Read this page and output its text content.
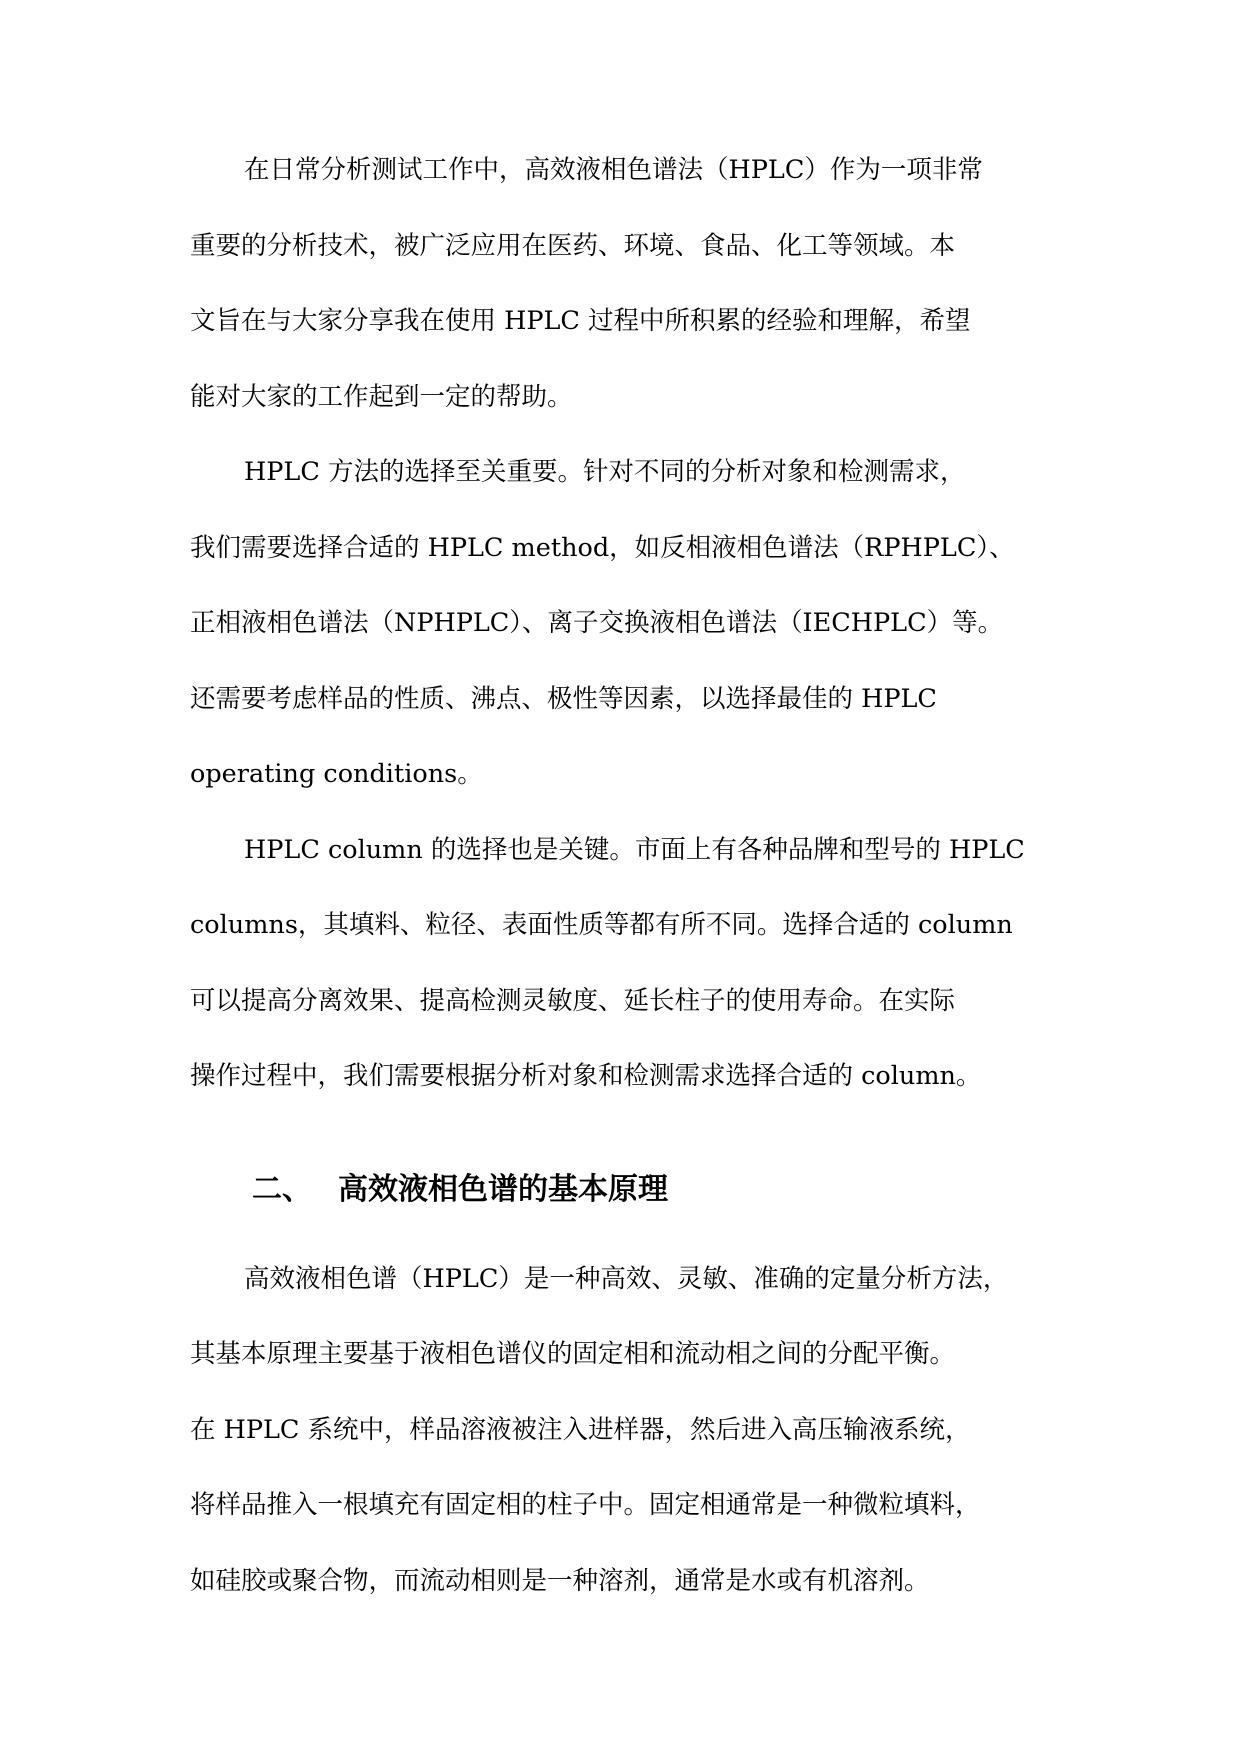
在日常分析测试工作中，高效液相色谱法（HPLC）作为一项非常
重要的分析技术，被广泛应用在医药、环境、食品、化工等领域。本
文旨在与大家分享我在使用 HPLC 过程中所积累的经验和理解，希望
能对大家的工作起到一定的帮助。
HPLC 方法的选择至关重要。针对不同的分析对象和检测需求，
我们需要选择合适的 HPLC method，如反相液相色谱法（RPHPLC）、
正相液相色谱法（NPHPLC）、离子交换液相色谱法（IECHPLC）等。
还需要考虑样品的性质、沸点、极性等因素，以选择最佳的 HPLC
operating conditions。
HPLC column 的选择也是关键。市面上有各种品牌和型号的 HPLC
columns，其填料、粒径、表面性质等都有所不同。选择合适的 column
可以提高分离效果、提高检测灵敏度、延长柱子的使用寿命。在实际
操作过程中，我们需要根据分析对象和检测需求选择合适的 column。
二、 高效液相色谱的基本原理
高效液相色谱（HPLC）是一种高效、灵敏、准确的定量分析方法，
其基本原理主要基于液相色谱仪的固定相和流动相之间的分配平衡。
在 HPLC 系统中，样品溶液被注入进样器，然后进入高压输液系统，
将样品推入一根填充有固定相的柱子中。固定相通常是一种微粒填料，
如硅胶或聚合物，而流动相则是一种溶剂，通常是水或有机溶剂。
